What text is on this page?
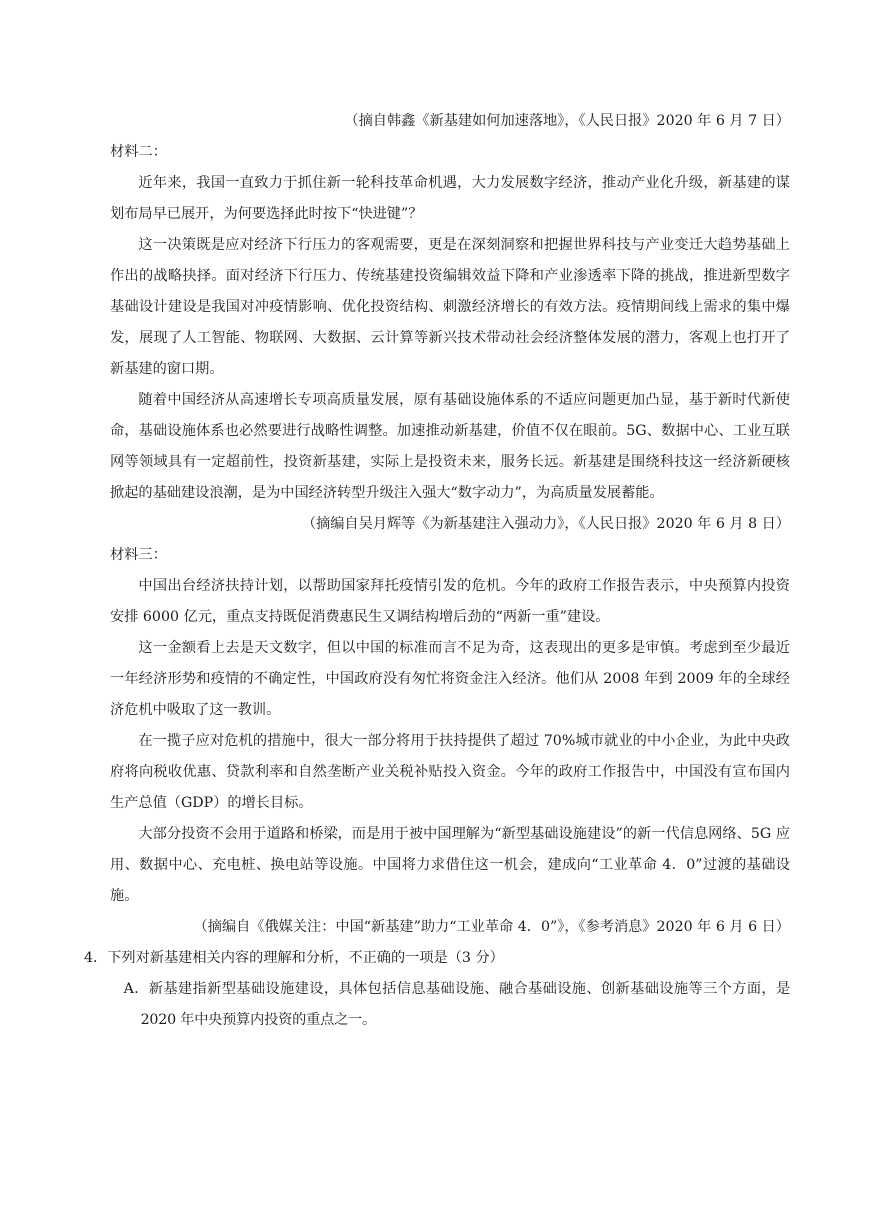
（摘自韩鑫《新基建如何加速落地》，《人民日报》2020 年 6 月 7 日）

材料二：

近年来，我国一直致力于抓住新一轮科技革命机遇，大力发展数字经济，推动产业化升级，新基建的谋划布局早已展开，为何要选择此时按下“快进键”？

这一决策既是应对经济下行压力的客观需要，更是在深刻洞察和把握世界科技与产业变迁大趋势基础上作出的战略抉择。面对经济下行压力、传统基建投资编辑效益下降和产业渗透率下降的挑战，推进新型数字基础设计建设是我国对冲疫情影响、优化投资结构、刺激经济增长的有效方法。疫情期间线上需求的集中爆发，展现了人工智能、物联网、大数据、云计算等新兴技术带动社会经济整体发展的潜力，客观上也打开了新基建的窗口期。

随着中国经济从高速增长专项高质量发展，原有基础设施体系的不适应问题更加凸显，基于新时代新使命，基础设施体系也必然要进行战略性调整。加速推动新基建，价值不仅在眼前。5G、数据中心、工业互联网等领域具有一定超前性，投资新基建，实际上是投资未来，服务长远。新基建是围绕科技这一经济新硬核掀起的基础建设浪潮，是为中国经济转型升级注入强大“数字动力”，为高质量发展蓄能。

（摘编自吴月辉等《为新基建注入强动力》，《人民日报》2020 年 6 月 8 日）

材料三：

中国出台经济扶持计划，以帮助国家拜托疫情引发的危机。今年的政府工作报告表示，中央预算内投资安排 6000 亿元，重点支持既促消费惠民生又调结构增后劲的“两新一重”建设。

这一金额看上去是天文数字，但以中国的标准而言不足为奇，这表现出的更多是审慎。考虑到至少最近一年经济形势和疫情的不确定性，中国政府没有匆忙将资金注入经济。他们从 2008 年到 2009 年的全球经济危机中吸取了这一教训。

在一揽子应对危机的措施中，很大一部分将用于扶持提供了超过 70%城市就业的中小企业，为此中央政府将向税收优惠、贷款利率和自然垄断产业关税补贴投入资金。今年的政府工作报告中，中国没有宣布国内生产总值（GDP）的增长目标。

大部分投资不会用于道路和桥梁，而是用于被中国理解为“新型基础设施建设”的新一代信息网络、5G 应用、数据中心、充电桩、换电站等设施。中国将力求借住这一机会，建成向“工业革命 4．0”过渡的基础设施。

（摘编自《俄媒关注：中国“新基建”助力“工业革命 4．0”》，《参考消息》2020 年 6 月 6 日）

4．下列对新基建相关内容的理解和分析，不正确的一项是（3 分）

A．新基建指新型基础设施建设，具体包括信息基础设施、融合基础设施、创新基础设施等三个方面，是 2020 年中央预算内投资的重点之一。
